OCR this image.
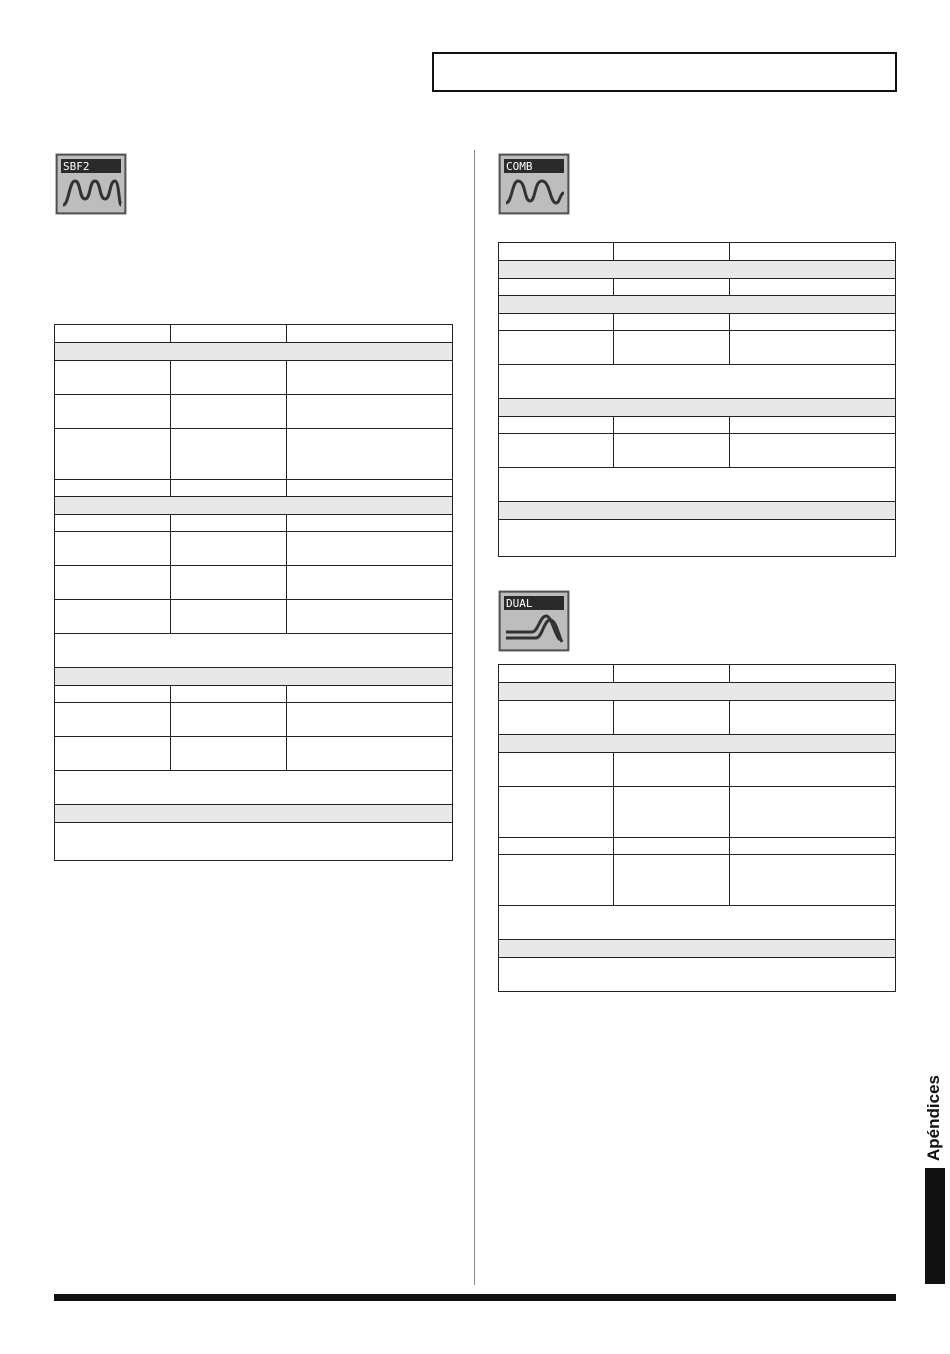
SBF2	COMB
DUAL
Apéndices
